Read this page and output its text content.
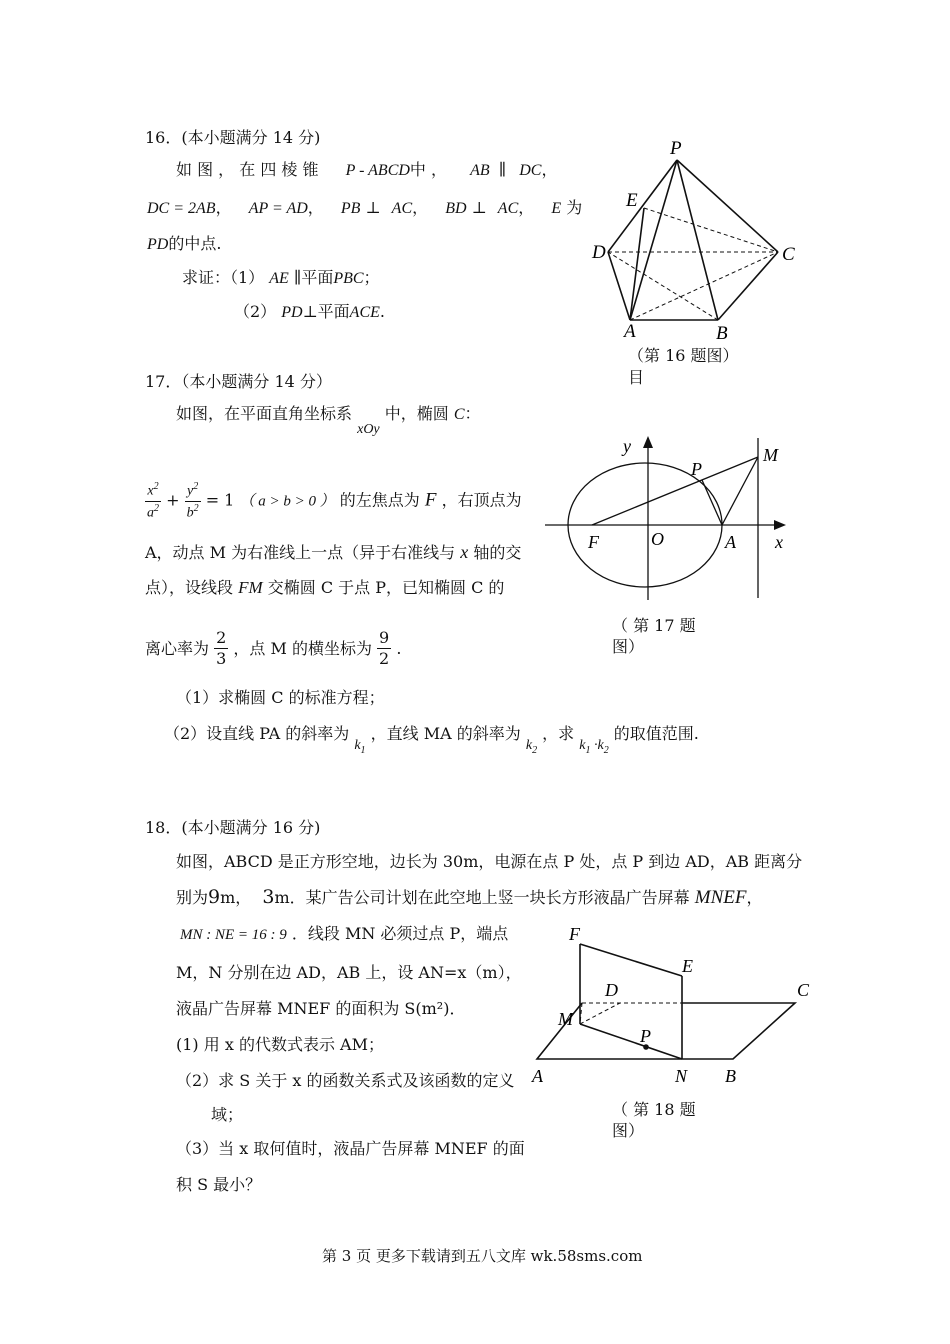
16．(本小题满分 14 分)
如 图 ， 在 四 棱 锥 P - ABCD中 ， AB ∥ DC，
DC = 2AB， AP = AD， PB ⊥ AC， BD ⊥ AC， E 为
PD的中点.
求证：（1） AE ∥平面PBC；
（2） PD⊥平面ACE.
P
E
D	C
A	B
（第 16 题图）
目
17．（本小题满分 14 分）
如图，在平面直角坐标系 xOy 中，椭圆 C：
$\frac{x^2}{a^2} + \frac{y^2}{b^2} = 1$ （ a > b > 0 ） 的左焦点为 F ，右顶点为
A，动点 M 为右准线上一点（异于右准线与 x 轴的交
点），设线段 FM 交椭圆 C 于点 P，已知椭圆 C 的
离心率为 $\frac{2}{3}$ ，点 M 的横坐标为 $\frac{9}{2}$ .
（1）求椭圆 C 的标准方程；
（2）设直线 PA 的斜率为 $k_1$ ，直线 MA 的斜率为 $k_2$ ，求 $k_1 \cdot k_2$ 的取值范围.
y
P
M
F	O	A x
（ 第 17 题
图）
18．(本小题满分 16 分)
如图，ABCD 是正方形空地，边长为 30m，电源在点 P 处，点 P 到边 AD，AB 距离分
别为9m， 3m．某广告公司计划在此空地上竖一块长方形液晶广告屏幕 MNEF，
MN : NE = 16 : 9 ．线段 MN 必须过点 P，端点
M，N 分别在边 AD，AB 上，设 AN=x（m），
液晶广告屏幕 MNEF 的面积为 S(m²)．
(1) 用 x 的代数式表示 AM；
（2）求 S 关于 x 的函数关系式及该函数的定义
域；
（3）当 x 取何值时，液晶广告屏幕 MNEF 的面
积 S 最小？
F
E
D	C
M
P
A	N B
（ 第 18 题
图）
第 3 页 更多下载请到五八文库 wk.58sms.com
